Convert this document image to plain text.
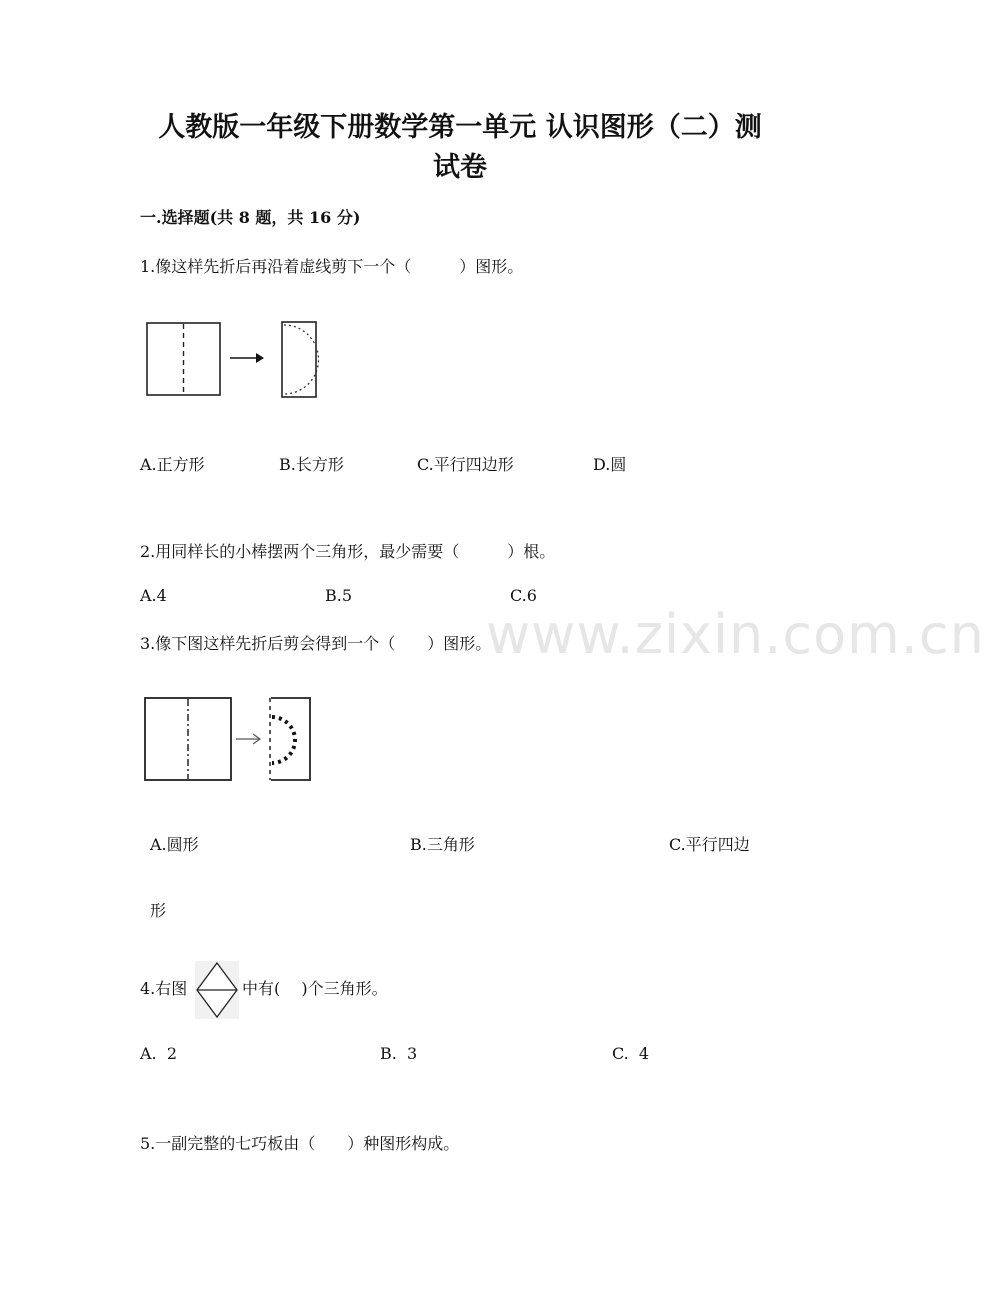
www.zixin.com.cn
人教版一年级下册数学第一单元 认识图形（二）测
试卷
一.选择题(共 8 题，共 16 分)
1.像这样先折后再沿着虚线剪下一个（　　　）图形。
A.正方形	B.长方形	C.平行四边形	D.圆
2.用同样长的小棒摆两个三角形，最少需要（　　　）根。
A.4	B.5	C.6
3.像下图这样先折后剪会得到一个（　　）图形。
A.圆形	B.三角形	C.平行四边
形
4.右图	中有(　 )个三角形。
A.  2	B.  3	C.  4
5.一副完整的七巧板由（　　）种图形构成。
